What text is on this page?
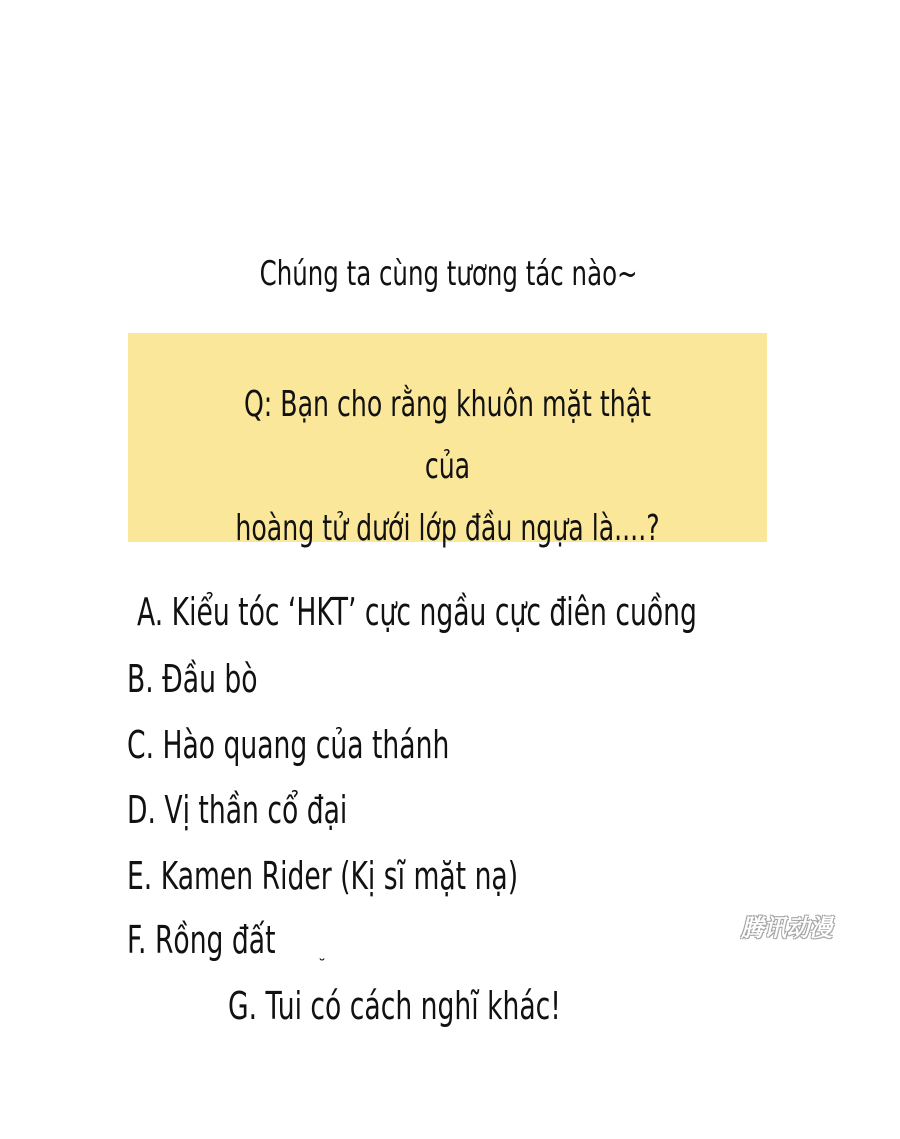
Chúng ta cùng tương tác nào~
Q: Bạn cho rằng khuôn mặt thật của
hoàng tử dưới lớp đầu ngựa là....?
A. Kiểu tóc ‘HKT’ cực ngầu cực điên cuồng
B. Đầu bò
C. Hào quang của thánh
D. Vị thần cổ đại
E. Kamen Rider (Kị sĩ mặt nạ)
F. Rồng đất
˘
G. Tui có cách nghĩ khác!
腾讯动漫
